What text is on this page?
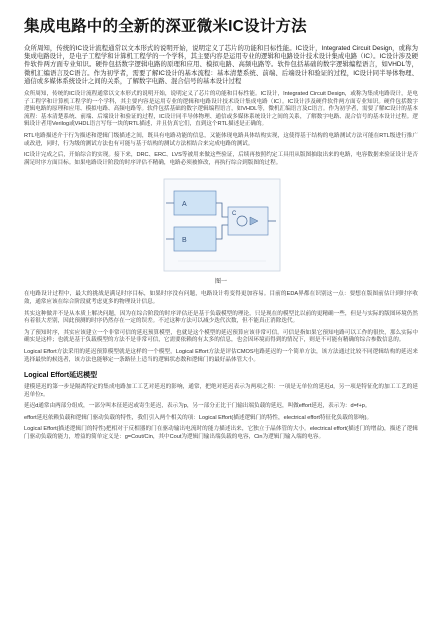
集成电路中的全新的深亚微米IC设计方法

众所周知，传统的IC设计流程通常以文本形式的说明开始，说明定义了芯片的功能和目标性能。IC设计，Integrated Circuit Design，或称为集成电路设计，是电子工程学和计算机工程学的一个学科，其主要内容是运用专业的逻辑和电路设计技术设计集成电路（IC）。IC设计涉及硬件软件两方面专业知识。硬件包括数字逻辑电路的原理和应用、模拟电路、高频电路等。软件包括基础的数字逻辑编程语言，如VHDL等，微机汇编语言及C语言。作为初学者，需要了解IC设计的基本流程：基本清楚系统、前端、后端设计和验证的过程，IC设计同半导体物理、通信或多媒体系统设计之间的关系，了解数字电路、混合信号的基本设计过程

众所周知，传统的IC设计流程通常以文本形式的说明开始，说明定义了芯片的功能和目标性能。IC设计，Integrated Circuit Design，或称为集成电路设计，是电子工程学和计算机工程学的一个学科，其主要内容是运用专业的逻辑和电路设计技术设计集成电路（IC）。IC设计涉及硬件软件两方面专业知识。硬件包括数字逻辑电路的原理和应用、模拟电路、高频电路等。软件包括基础的数字逻辑编程语言，如VHDL等，微机汇编语言及C语言。作为初学者，需要了解IC设计的基本流程：基本清楚系统、前端、后端设计和验证的过程，IC设计同半导体物理、通信或多媒体系统设计之间的关系，了解数字电路、混合信号的基本设计过程。逻辑设计者用Verilog或VHDL语言写每一块的RTL描述，并且仿真它们，直到这个RTL描述是正确的。

RTL电路描述介于行为描述和逻辑门级描述之间，既具有电路功能的信息，又能体现电路具体结构实现，这使得基于结构的电路测试方法可能在RTL级进行推广或改进，同时，行为级的测试方法也有可能与基于结构的测试方法相结合来完成电路的测试。

IC设计完成之后，开始综合的实现。接下来，DRC、ERC、LVS等被用来做这些验证，后续再按照约定工具用从版图抽取出来的电路，电容数据来验证设计是否满足时序方面目标。如果电路设计阶段的时序评估不精确，电路必须被修改，再执行综合到版图的过程。

A
B
C
图一

在电路设计过程中，最大的挑战是满足时序目标，如果时序没有问题，电路设计将变得更加容易。目前的EDA界都在识别这一点：要想在版图前估计到时序收敛，通常应该在综合阶段就考虑更多的物理设计信息。

其实这种做并不是从本质上解决问题，因为在综合阶段的时序评估还是基于负载模型的理论，只是现在的模型比以前的更精确一些，但是与实际的版图环境仍然有着很大差别，因此预测的时序仍然存在一定的误差。不过这种方法可以减少迭代次数，但不能真正消除迭代。

为了预知时序，其实应该建立一个非常可信的延迟预算模型，也就是这个模型的延迟预算应该非常可信。可信是指如果它预知电路可以工作的很快，那么实际中确实是这样；也就是基于负载模型的方法不是非常可信，它需要依赖的有太多的信息，也会因环境而得到的情况下，则是不可能有精确的综合参数信息的。

Logical Effort方法采用的延迟预算模型就是这样的一个模型，Logical Effort方法是评估CMOS电路延迟的一个简单方法，该方法通过比较不同逻辑结构的延迟来选择最快的候选者，该方法也能够定一条路径上适当的逻辑状态数和逻辑门的最好晶体管大小。

Logical Effort延迟模型

建模延迟的第一步是隔离特定的集成电路加工工艺对延迟的影响，通常，把绝对延迟表示为两项之积：一项是无单位的延迟d，另一项是特征化的加工工艺的延迟单位τ。

延迟d通常由两部分组成，一部分叫本征延迟或寄生延迟，表示为p，另一部分正比于门输出端负载的延迟，叫做effort延迟，表示为：d=f+p。

effort延迟依赖负载和逻辑门驱动负载的特性，我们引入两个相关的项：Logical Effort(描述逻辑门的特性，electrical effort特征化负载的影响)。

Logical Effort(描述逻辑门的特性)把相对于反相器的门在驱动输出电流时的能力描述出来，它独立于晶体管的大小。electrical effort(描述门的增益)，描述了逻辑门驱动负载的能力，增益的简单定义是：g=Cout/Cin，其中Cout为逻辑门输出端负载的电容，Cin为逻辑门输入端的电容。
